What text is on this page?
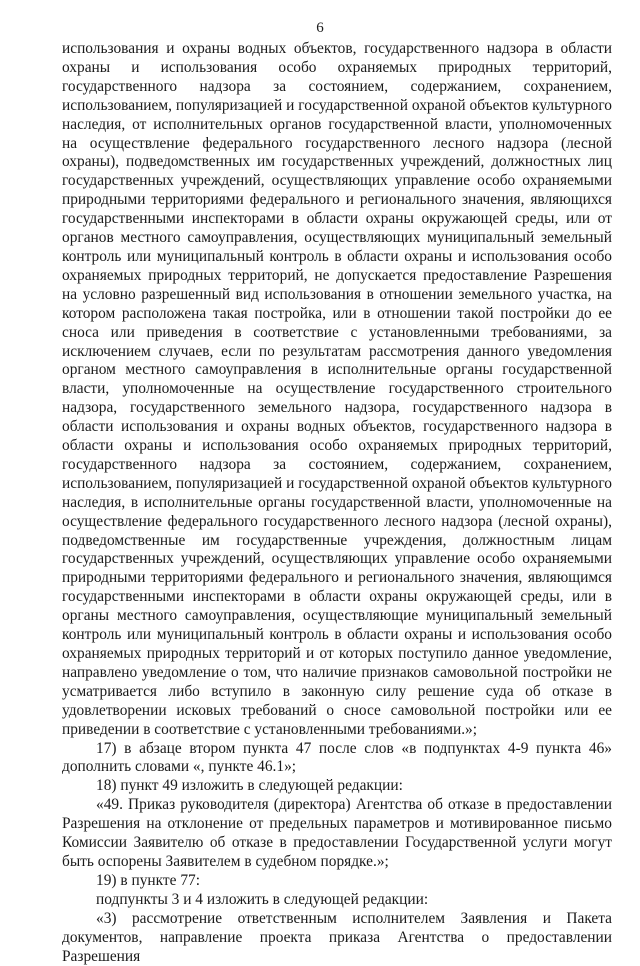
6

использования и охраны водных объектов, государственного надзора в области охраны и использования особо охраняемых природных территорий, государственного надзора за состоянием, содержанием, сохранением, использованием, популяризацией и государственной охраной объектов культурного наследия, от исполнительных органов государственной власти, уполномоченных на осуществление федерального государственного лесного надзора (лесной охраны), подведомственных им государственных учреждений, должностных лиц государственных учреждений, осуществляющих управление особо охраняемыми природными территориями федерального и регионального значения, являющихся государственными инспекторами в области охраны окружающей среды, или от органов местного самоуправления, осуществляющих муниципальный земельный контроль или муниципальный контроль в области охраны и использования особо охраняемых природных территорий, не допускается предоставление Разрешения на условно разрешенный вид использования в отношении земельного участка, на котором расположена такая постройка, или в отношении такой постройки до ее сноса или приведения в соответствие с установленными требованиями, за исключением случаев, если по результатам рассмотрения данного уведомления органом местного самоуправления в исполнительные органы государственной власти, уполномоченные на осуществление государственного строительного надзора, государственного земельного надзора, государственного надзора в области использования и охраны водных объектов, государственного надзора в области охраны и использования особо охраняемых природных территорий, государственного надзора за состоянием, содержанием, сохранением, использованием, популяризацией и государственной охраной объектов культурного наследия, в исполнительные органы государственной власти, уполномоченные на осуществление федерального государственного лесного надзора (лесной охраны), подведомственные им государственные учреждения, должностным лицам государственных учреждений, осуществляющих управление особо охраняемыми природными территориями федерального и регионального значения, являющимся государственными инспекторами в области охраны окружающей среды, или в органы местного самоуправления, осуществляющие муниципальный земельный контроль или муниципальный контроль в области охраны и использования особо охраняемых природных территорий и от которых поступило данное уведомление, направлено уведомление о том, что наличие признаков самовольной постройки не усматривается либо вступило в законную силу решение суда об отказе в удовлетворении исковых требований о сносе самовольной постройки или ее приведении в соответствие с установленными требованиями.»;

17) в абзаце втором пункта 47 после слов «в подпунктах 4-9 пункта 46» дополнить словами «, пункте 46.1»;

18) пункт 49 изложить в следующей редакции:

«49. Приказ руководителя (директора) Агентства об отказе в предоставлении Разрешения на отклонение от предельных параметров и мотивированное письмо Комиссии Заявителю об отказе в предоставлении Государственной услуги могут быть оспорены Заявителем в судебном порядке.»;

19) в пункте 77:

подпункты 3 и 4 изложить в следующей редакции:

«3) рассмотрение ответственным исполнителем Заявления и Пакета документов, направление проекта приказа Агентства о предоставлении Разрешения
